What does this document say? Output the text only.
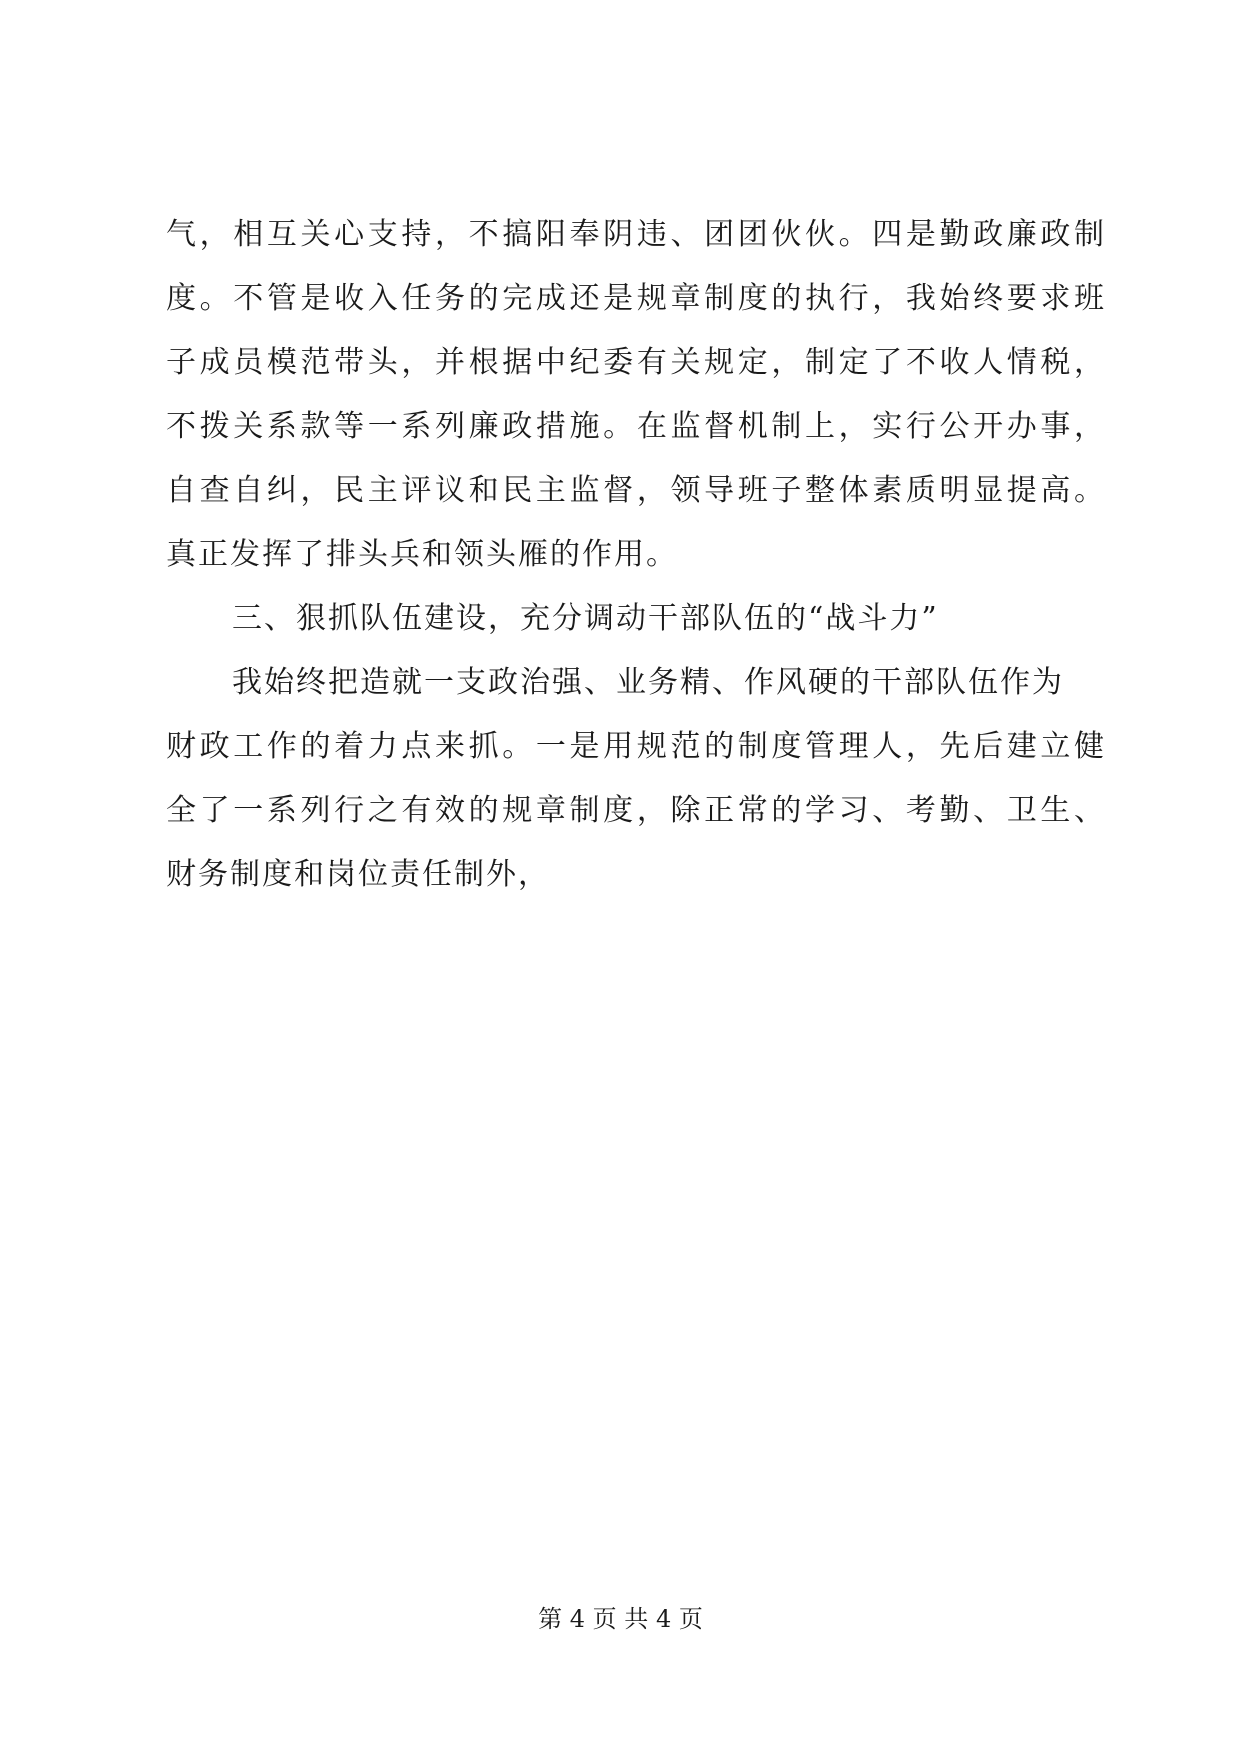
气，相互关心支持，不搞阳奉阴违、团团伙伙。四是勤政廉政制
度。不管是收入任务的完成还是规章制度的执行，我始终要求班
子成员模范带头，并根据中纪委有关规定，制定了不收人情税，
不拨关系款等一系列廉政措施。在监督机制上，实行公开办事，
自查自纠，民主评议和民主监督，领导班子整体素质明显提高。
真正发挥了排头兵和领头雁的作用。
三、狠抓队伍建设，充分调动干部队伍的“战斗力”
我始终把造就一支政治强、业务精、作风硬的干部队伍作为
财政工作的着力点来抓。一是用规范的制度管理人，先后建立健
全了一系列行之有效的规章制度，除正常的学习、考勤、卫生、
财务制度和岗位责任制外，
第 4 页 共 4 页
